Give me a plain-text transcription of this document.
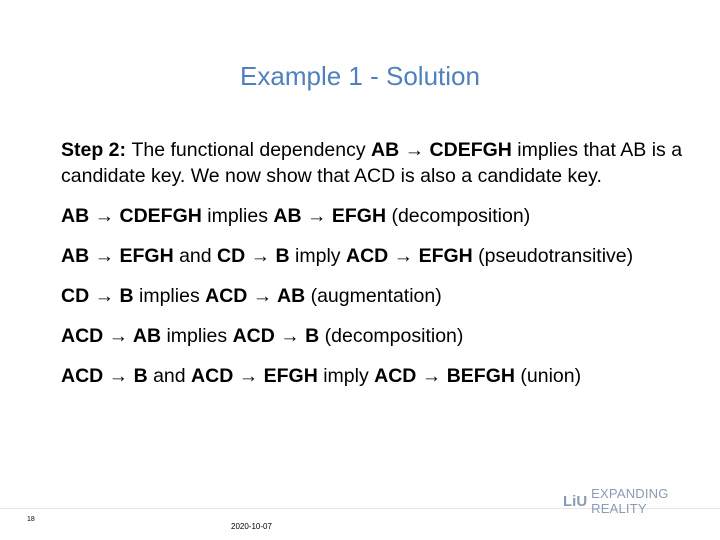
Example 1 - Solution

Step 2: The functional dependency AB → CDEFGH implies that AB is a candidate key. We now show that ACD is also a candidate key.

AB → CDEFGH implies AB → EFGH (decomposition)

AB → EFGH and CD → B imply ACD → EFGH (pseudotransitive)

CD → B implies ACD → AB (augmentation)

ACD → AB implies ACD → B (decomposition)

ACD → B and ACD → EFGH imply ACD → BEFGH (union)

LiU EXPANDING REALITY
18
2020-10-07
